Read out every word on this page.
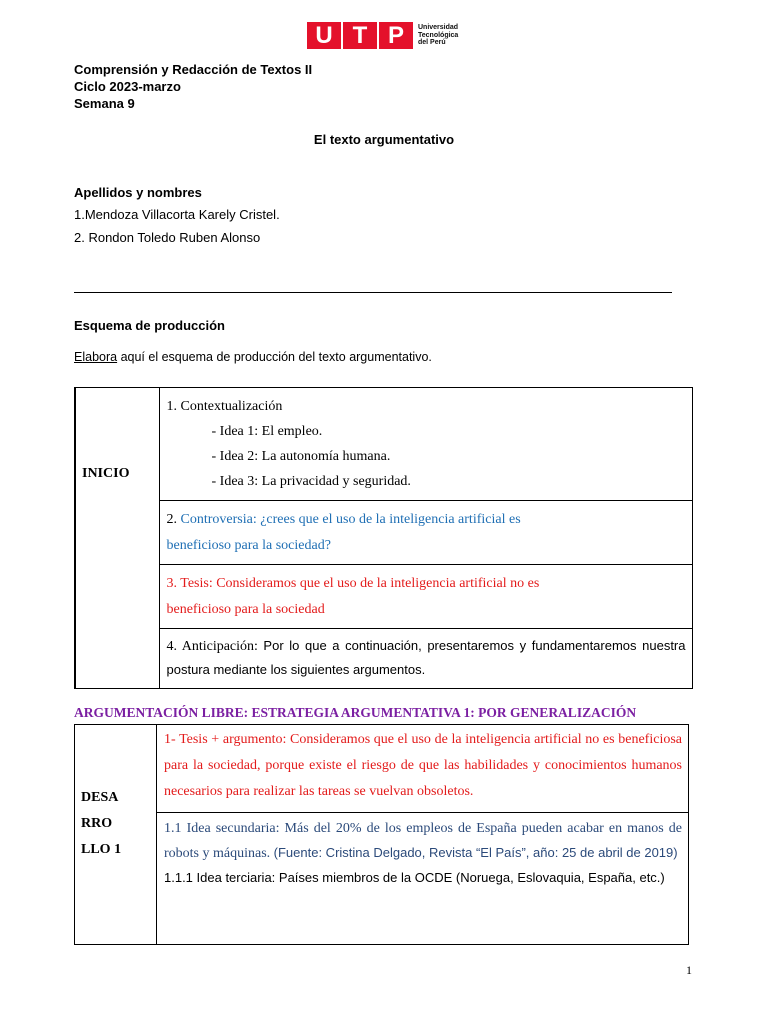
U T P	Universidad
Tecnológica
del Perú
Comprensión y Redacción de Textos II
Ciclo 2023-marzo
Semana 9
El texto argumentativo
Apellidos y nombres
1.Mendoza Villacorta Karely Cristel.
2. Rondon Toledo Ruben Alonso
Esquema de producción
Elabora aquí el esquema de producción del texto argumentativo.
INICIO

1. Contextualización
- Idea 1: El empleo.
- Idea 2: La autonomía humana.
- Idea 3: La privacidad y seguridad.

2. Controversia: ¿crees que el uso de la inteligencia artificial es
beneficioso para la sociedad?

3. Tesis: Consideramos que el uso de la inteligencia artificial no es
beneficioso para la sociedad

4. Anticipación: Por lo que a continuación, presentaremos y fundamentaremos nuestra postura mediante los siguientes argumentos.
ARGUMENTACIÓN LIBRE: ESTRATEGIA ARGUMENTATIVA 1: POR GENERALIZACIÓN
DESA
RRO
LLO 1

1- Tesis + argumento: Consideramos que el uso de la inteligencia artificial no es beneficiosa para la sociedad, porque existe el riesgo de que las habilidades y conocimientos humanos necesarios para realizar las tareas se vuelvan obsoletos.

1.1 Idea secundaria: Más del 20% de los empleos de España pueden acabar en manos de robots y máquinas. (Fuente: Cristina Delgado, Revista “El País”, año: 25 de abril de 2019)
1.1.1 Idea terciaria: Países miembros de la OCDE (Noruega, Eslovaquia, España, etc.)
1
